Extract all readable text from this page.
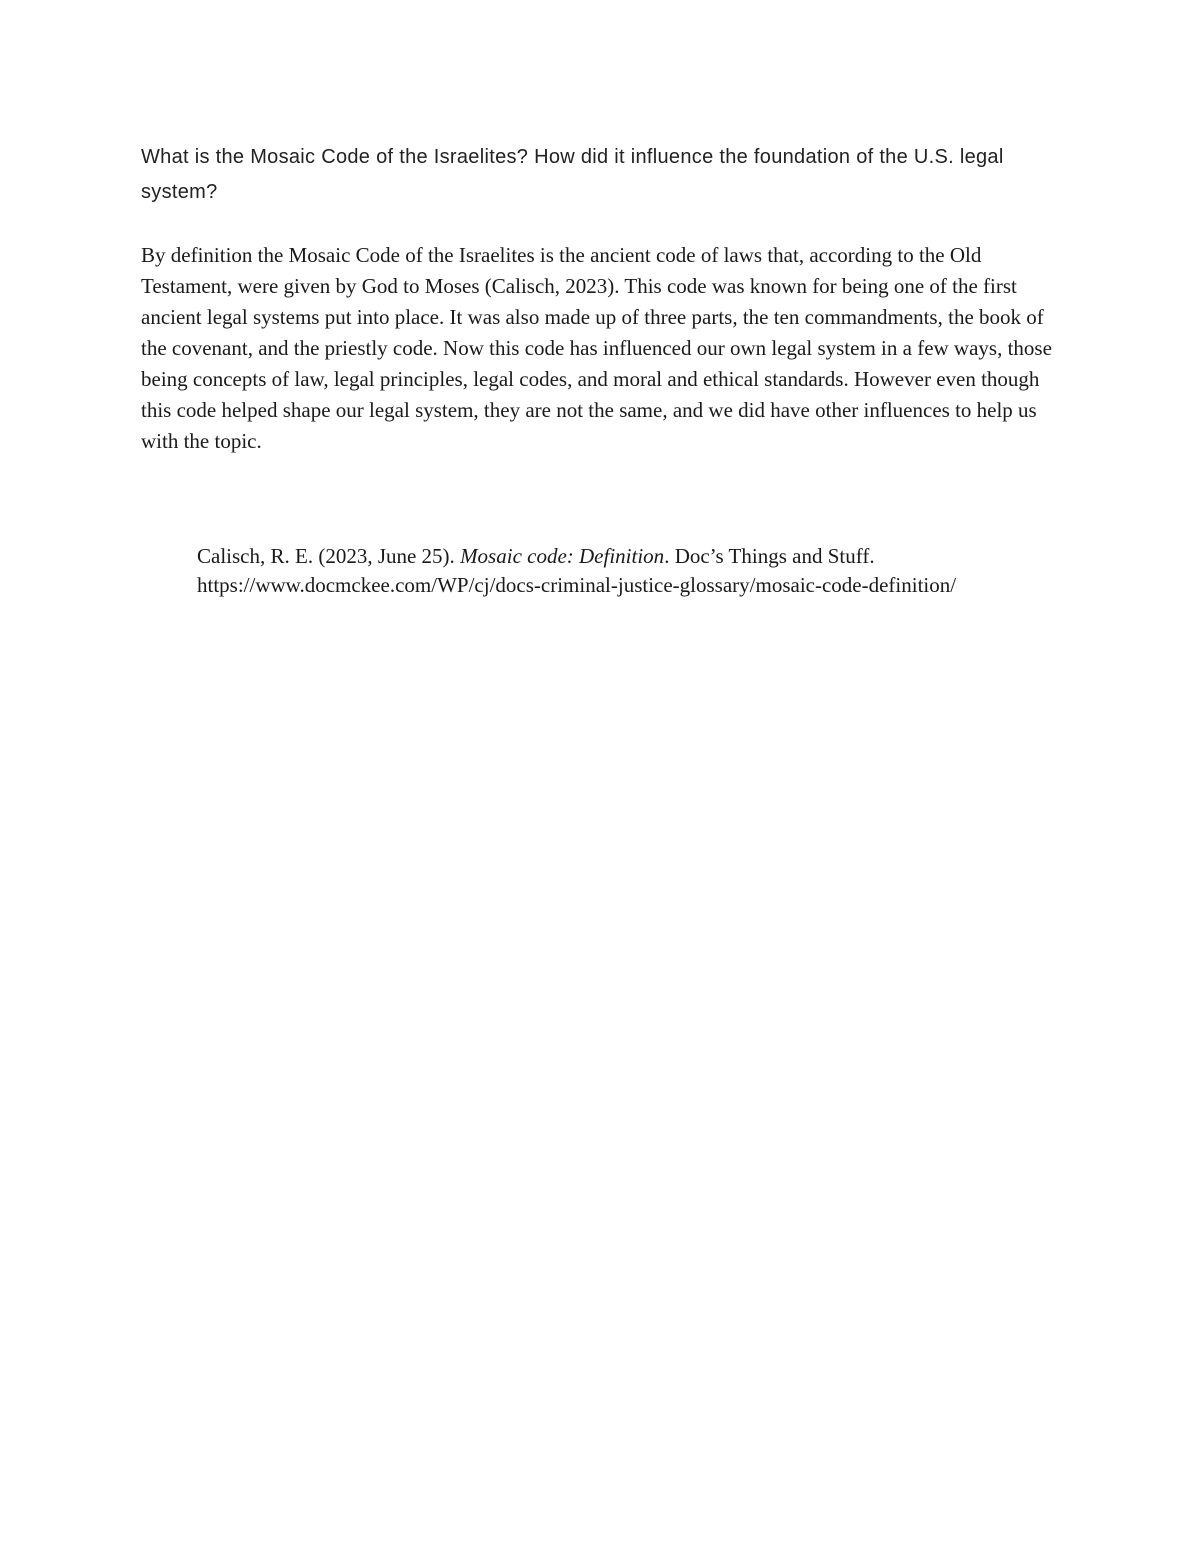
What is the Mosaic Code of the Israelites? How did it influence the foundation of the U.S. legal system?

By definition the Mosaic Code of the Israelites is the ancient code of laws that, according to the Old Testament, were given by God to Moses (Calisch, 2023). This code was known for being one of the first ancient legal systems put into place. It was also made up of three parts, the ten commandments, the book of the covenant, and the priestly code. Now this code has influenced our own legal system in a few ways, those being concepts of law, legal principles, legal codes, and moral and ethical standards. However even though this code helped shape our legal system, they are not the same, and we did have other influences to help us with the topic.

Calisch, R. E. (2023, June 25). Mosaic code: Definition. Doc’s Things and Stuff.
https://www.docmckee.com/WP/cj/docs-criminal-justice-glossary/mosaic-code-definition/
